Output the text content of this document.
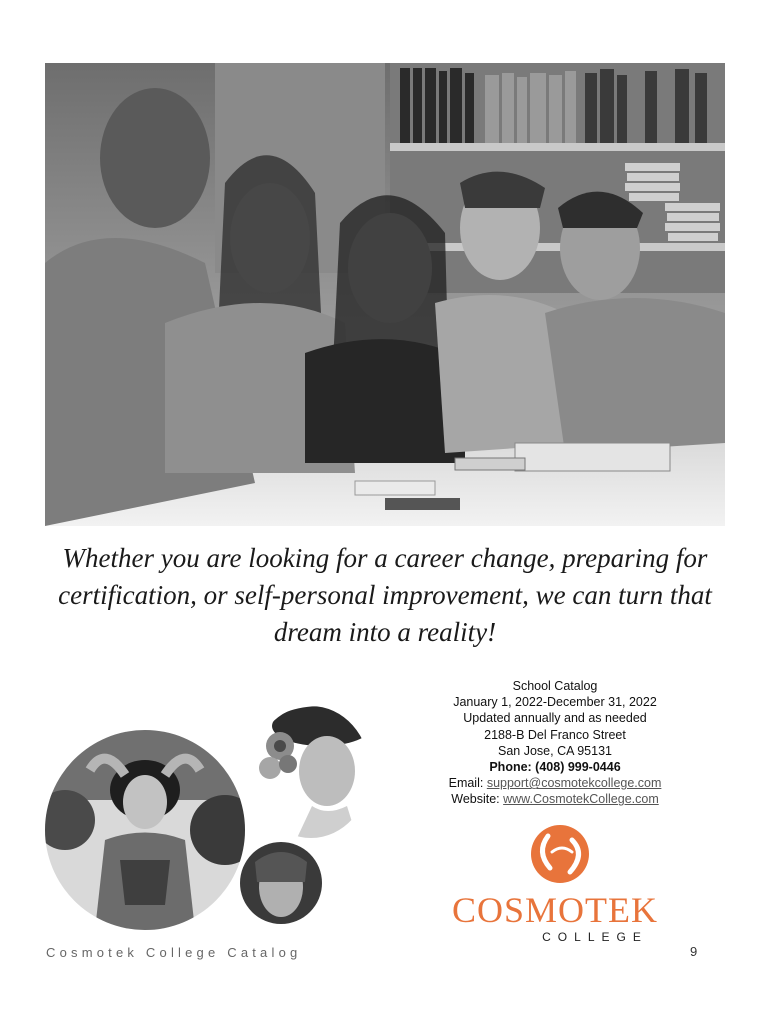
Whether you are looking for a career change, preparing for
certification, or self-personal improvement, we can turn that
dream into a reality!
School Catalog
January 1, 2022-December 31, 2022
Updated annually and as needed
2188-B Del Franco Street
San Jose, CA 95131
Phone: (408) 999-0446
Email: support@cosmotekcollege.com
Website: www.CosmotekCollege.com
COSMOTEK
COLLEGE
Cosmotek College Catalog	9
